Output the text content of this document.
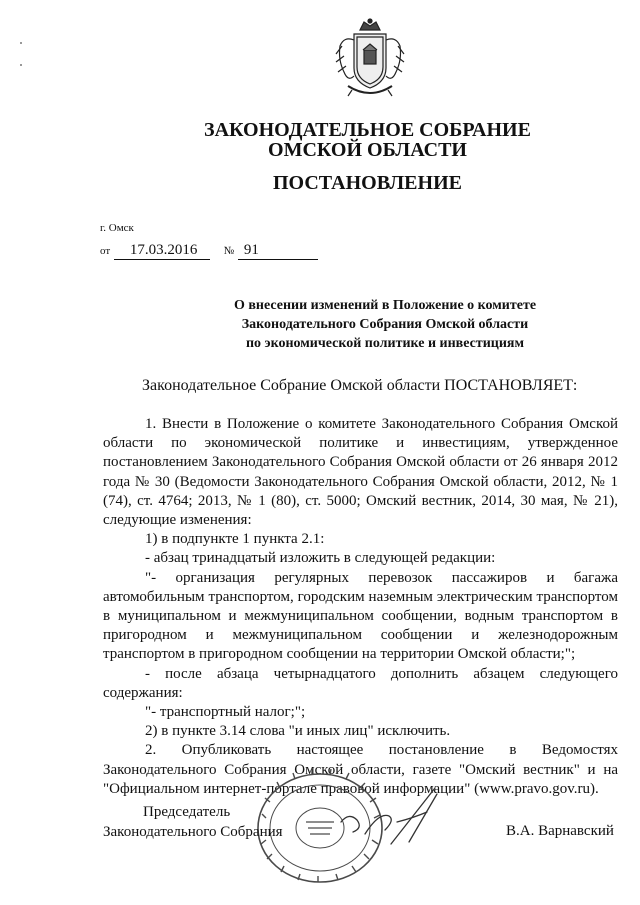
ЗАКОНОДАТЕЛЬНОЕ СОБРАНИЕ
ОМСКОЙ ОБЛАСТИ
ПОСТАНОВЛЕНИЕ
г. Омск
от 17.03.2016 № 91
О внесении изменений в Положение о комитете
Законодательного Собрания Омской области
по экономической политике и инвестициям
Законодательное Собрание Омской области ПОСТАНОВЛЯЕТ:

1. Внести в Положение о комитете Законодательного Собрания Омской области по экономической политике и инвестициям, утвержденное постановлением Законодательного Собрания Омской области от 26 января 2012 года № 30 (Ведомости Законодательного Собрания Омской области, 2012, № 1 (74), ст. 4764; 2013, № 1 (80), ст. 5000; Омский вестник, 2014, 30 мая, № 21), следующие изменения:

1) в подпункте 1 пункта 2.1:

- абзац тринадцатый изложить в следующей редакции:

"- организация регулярных перевозок пассажиров и багажа автомобильным транспортом, городским наземным электрическим транспортом в муниципальном и межмуниципальном сообщении, водным транспортом в пригородном и межмуниципальном сообщении и железнодорожным транспортом в пригородном сообщении на территории Омской области;";

- после абзаца четырнадцатого дополнить абзацем следующего содержания:

"- транспортный налог;";

2) в пункте 3.14 слова "и иных лиц" исключить.

2. Опубликовать настоящее постановление в Ведомостях Законодательного Собрания Омской области, газете "Омский вестник" и на "Официальном интернет-портале правовой информации" (www.pravo.gov.ru).

Председатель
Законодательного Собрания	В.А. Варнавский
